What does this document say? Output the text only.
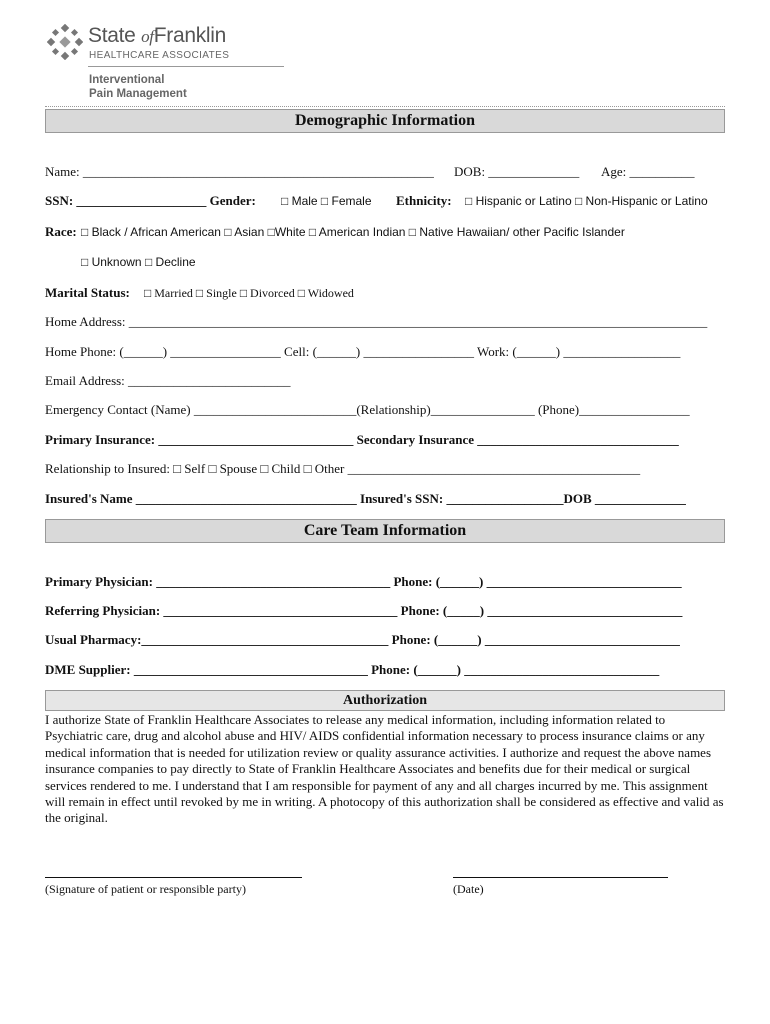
State ofFranklin
HEALTHCARE ASSOCIATES
Interventional
Pain Management
Demographic Information
Name: ______________________________________________________ DOB: ______________ Age: __________
SSN: ____________________ Gender: □ Male □ Female Ethnicity: □ Hispanic or Latino □ Non-Hispanic or Latino
Race: □ Black / African American □ Asian □White □ American Indian □ Native Hawaiian/ other Pacific Islander
□ Unknown □ Decline
Marital Status: □ Married □ Single □ Divorced □ Widowed
Home Address: _________________________________________________________________________________________
Home Phone: (______) _________________ Cell: (______) _________________ Work: (______) __________________
Email Address: _________________________
Emergency Contact (Name) _________________________(Relationship)________________ (Phone)_________________
Primary Insurance: ______________________________ Secondary Insurance _______________________________
Relationship to Insured: □ Self □ Spouse □ Child □ Other _____________________________________________
Insured's Name __________________________________ Insured's SSN: __________________DOB ______________
Care Team Information
Primary Physician: ____________________________________ Phone: (______) ______________________________
Referring Physician: ____________________________________ Phone: (_____) ______________________________
Usual Pharmacy:______________________________________ Phone: (______) ______________________________
DME Supplier: ____________________________________ Phone: (______) ______________________________
Authorization
I authorize State of Franklin Healthcare Associates to release any medical information, including information related to Psychiatric care, drug and alcohol abuse and HIV/ AIDS confidential information necessary to process insurance claims or any medical information that is needed for utilization review or quality assurance activities. I authorize and request the above names insurance companies to pay directly to State of Franklin Healthcare Associates and benefits due for their medical or surgical services rendered to me. I understand that I am responsible for payment of any and all charges incurred by me. This assignment will remain in effect until revoked by me in writing. A photocopy of this authorization shall be considered as effective and valid as the original.
(Signature of patient or responsible party)	(Date)
